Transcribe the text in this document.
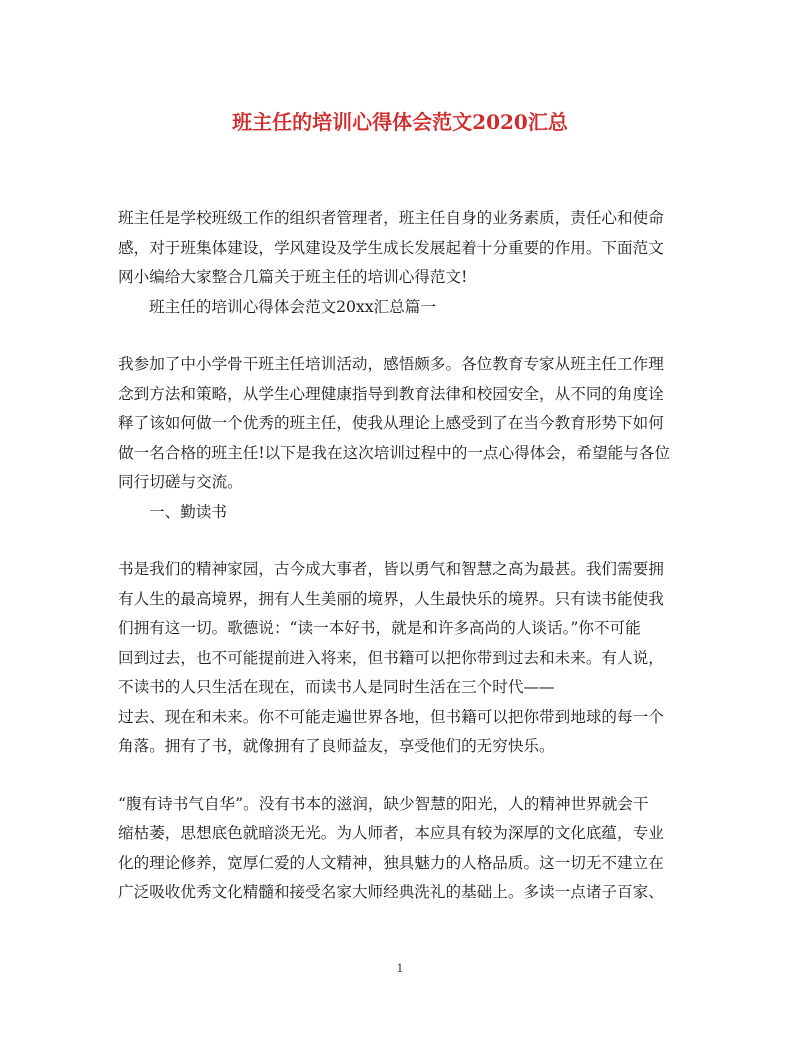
班主任的培训心得体会范文2020汇总

班主任是学校班级工作的组织者管理者，班主任自身的业务素质，责任心和使命
感，对于班集体建设，学风建设及学生成长发展起着十分重要的作用。下面范文
网小编给大家整合几篇关于班主任的培训心得范文!

班主任的培训心得体会范文20xx汇总篇一

我参加了中小学骨干班主任培训活动，感悟颇多。各位教育专家从班主任工作理
念到方法和策略，从学生心理健康指导到教育法律和校园安全，从不同的角度诠
释了该如何做一个优秀的班主任，使我从理论上感受到了在当今教育形势下如何
做一名合格的班主任!以下是我在这次培训过程中的一点心得体会，希望能与各位
同行切磋与交流。

一、勤读书

书是我们的精神家园，古今成大事者，皆以勇气和智慧之高为最甚。我们需要拥
有人生的最高境界，拥有人生美丽的境界，人生最快乐的境界。只有读书能使我
们拥有这一切。歌德说：“读一本好书，就是和许多高尚的人谈话。”你不可能
回到过去，也不可能提前进入将来，但书籍可以把你带到过去和未来。有人说，
不读书的人只生活在现在，而读书人是同时生活在三个时代——
过去、现在和未来。你不可能走遍世界各地，但书籍可以把你带到地球的每一个
角落。拥有了书，就像拥有了良师益友，享受他们的无穷快乐。

“腹有诗书气自华”。没有书本的滋润，缺少智慧的阳光，人的精神世界就会干
缩枯萎，思想底色就暗淡无光。为人师者，本应具有较为深厚的文化底蕴，专业
化的理论修养，宽厚仁爱的人文精神，独具魅力的人格品质。这一切无不建立在
广泛吸收优秀文化精髓和接受名家大师经典洗礼的基础上。多读一点诸子百家、

1
